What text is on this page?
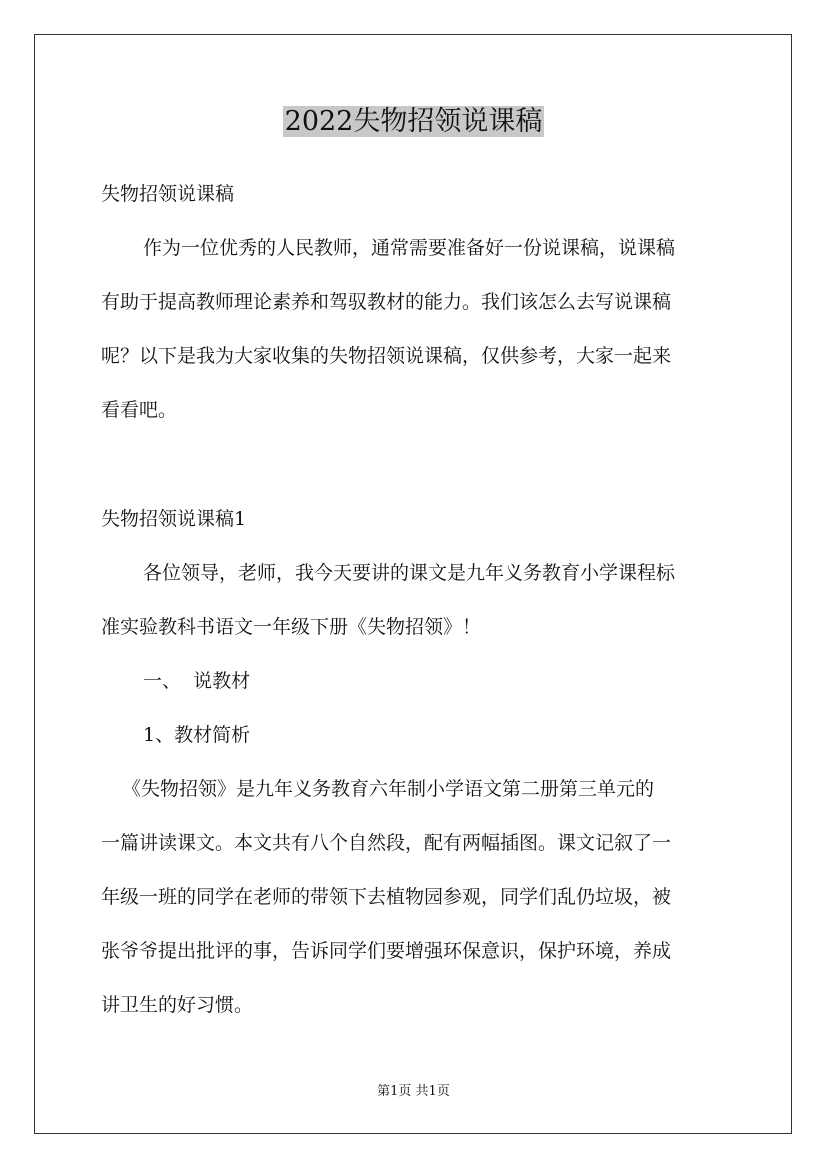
2022失物招领说课稿
失物招领说课稿
作为一位优秀的人民教师，通常需要准备好一份说课稿，说课稿
有助于提高教师理论素养和驾驭教材的能力。我们该怎么去写说课稿
呢？以下是我为大家收集的失物招领说课稿，仅供参考，大家一起来
看看吧。
失物招领说课稿1
各位领导，老师，我今天要讲的课文是九年义务教育小学课程标
准实验教科书语文一年级下册《失物招领》！
一、  说教材
1、教材简析
《失物招领》是九年义务教育六年制小学语文第二册第三单元的
一篇讲读课文。本文共有八个自然段，配有两幅插图。课文记叙了一
年级一班的同学在老师的带领下去植物园参观，同学们乱仍垃圾，被
张爷爷提出批评的事，告诉同学们要增强环保意识，保护环境，养成
讲卫生的好习惯。
第1页 共1页
